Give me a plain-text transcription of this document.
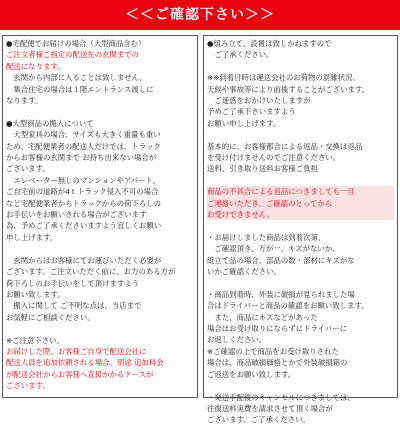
＜＜ご確認下さい＞＞

●宅配便でお届けの場合（大型商品含む）

ご注文者様ご指定の配送先の玄関までの
配送になります。

　玄関から内部に入ることは致しません。
　集合住宅の場合は１階エントランス渡しに
なります。

●大型商品の搬入について

　大型家具の場合、サイズも大きく重量も重い
ため、宅配便業者の配送人だけでは、トラック
からお客様の玄関まで お持ち出来ない場合が
ございます。
　エレベーター無しのマンションやアパート、
ご自宅前の道路が4ｔトラック侵入不可の場合
など宅配便業者からトラックからの荷下ろしの
お手伝いをお願いされる場合がございます
為、予めご了承くださいますよう宜しくお願い
申し上げます。

　玄関からはお客様にてお運びいただく必要が
ございます。ご注文いただく前に、お力のある方が
荷下ろしのお手伝いをして頂けますよう
お願い致します。
　搬入に関して ご不明な点は、当店まで
お気軽にご相談ください。

※ご注意下さい。

お届けした際、お客様ご自身で配送会社に
配送人員を追加依頼される場合、別途 追加料金
が配送会社からお客様へ直接かかるケースが
ございます。

●組み立て、設置は致しかねますので
　ご了承ください。

※※到着日時は運送会社のお荷物の混雑状況、
天候や事故等により前後することがございます。
　ご迷惑をおかけいたしますが
予めご了承下さいますよう
お願い申し上げます。

基本的に、お客様都合による返品・交換は返品
を受け付けませんのでご注意ください。
送料、引き取り送料お客様ご負担

商品の不具合による返品につきましても一旦
ご連絡いただき、ご確認のとってから
お受けできません。

・お届けしました商品は到着次第、
　ご確認頂き、万が一、キズがないか、
組立て品の場合、部品の数・部材にキズがな
いかご確認ください。

・商品到着時、外装に破損が見られました場
合はドライバーと商品の確認をお願い致します。
　また、商品にキズなどがあった
場合はお受け取りにならずにドライバーに
お返しください。
※ご確認の上で商品をお受け取りされた
場合は、商品破損価格とかで外装破損箱の
ご返送をお願い致します。

・発送手配後のキャンセルにつきましては、
往復送料実費を請求させて頂く場合が
ございます。ご了承ください。
